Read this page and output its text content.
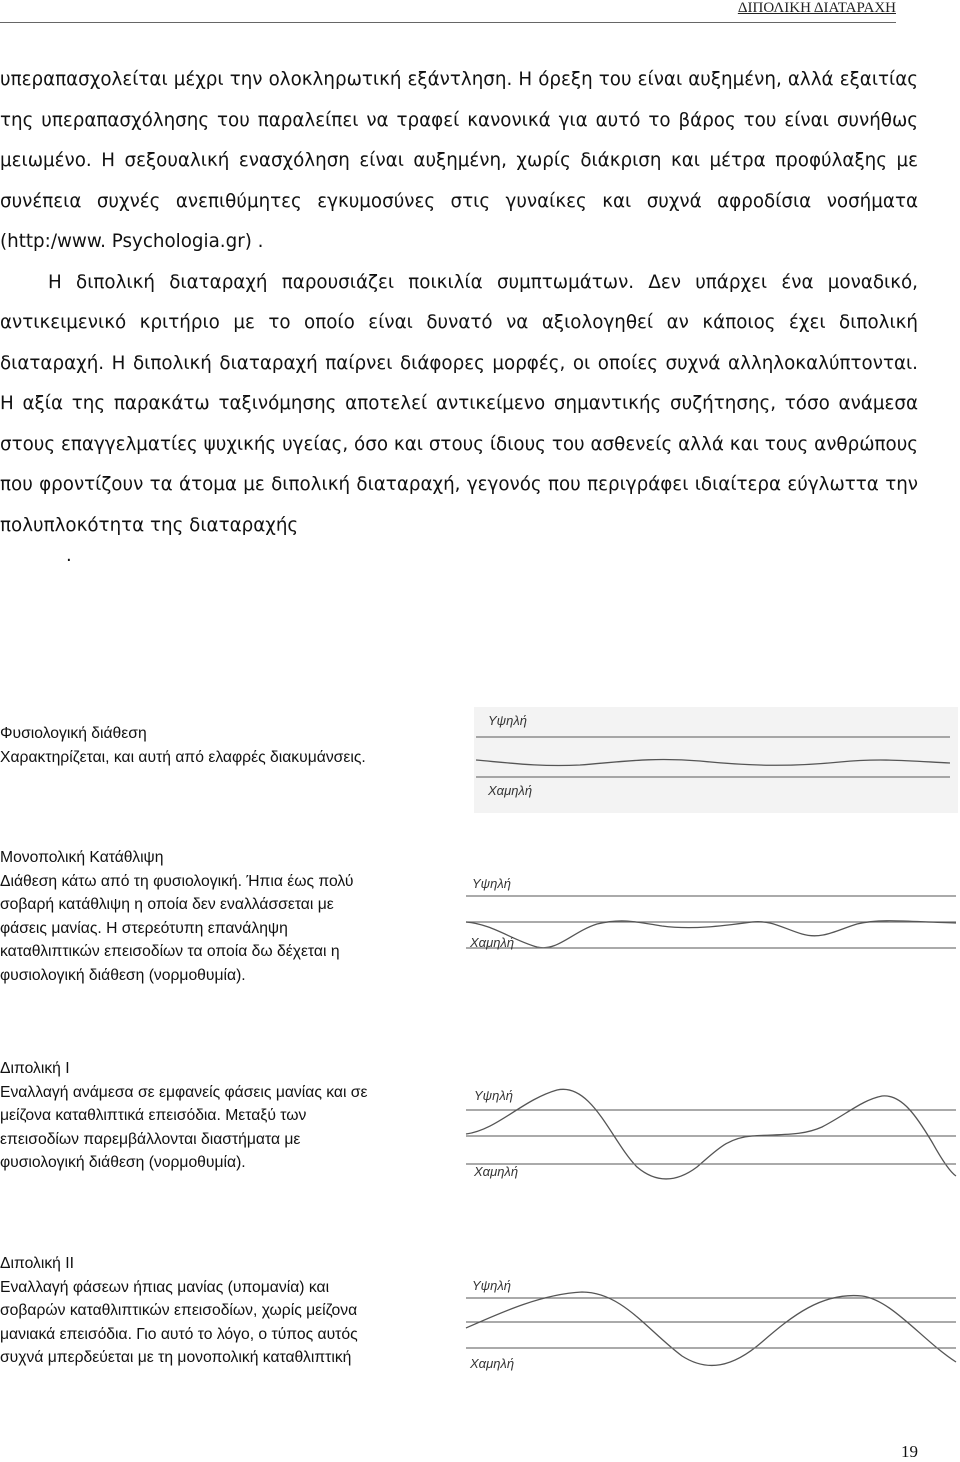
ΔΙΠΟΛΙΚΗ ΔΙΑΤΑΡΑΧΗ

υπεραπασχολείται μέχρι την ολοκληρωτική εξάντληση. Η όρεξη του είναι αυξημένη, αλλά εξαιτίας της υπεραπασχόλησης του παραλείπει να τραφεί κανονικά για αυτό το βάρος του είναι συνήθως μειωμένο. Η σεξουαλική ενασχόληση είναι αυξημένη, χωρίς διάκριση και μέτρα προφύλαξης με συνέπεια συχνές ανεπιθύμητες εγκυμοσύνες στις γυναίκες και συχνά αφροδίσια νοσήματα (http:/www. Psychologia.gr) .

Η διπολική διαταραχή παρουσιάζει ποικιλία συμπτωμάτων. Δεν υπάρχει ένα μοναδικό, αντικειμενικό κριτήριο με το οποίο είναι δυνατό να αξιολογηθεί αν κάποιος έχει διπολική διαταραχή. Η διπολική διαταραχή παίρνει διάφορες μορφές, οι οποίες συχνά αλληλοκαλύπτονται. Η αξία της παρακάτω ταξινόμησης αποτελεί αντικείμενο σημαντικής συζήτησης, τόσο ανάμεσα στους επαγγελματίες ψυχικής υγείας, όσο και στους ίδιους του ασθενείς αλλά και τους ανθρώπους που φροντίζουν τα άτομα με διπολική διαταραχή, γεγονός που περιγράφει ιδιαίτερα εύγλωττα την πολυπλοκότητα της διαταραχής

.
Φυσιολογική διάθεση
Χαρακτηρίζεται, και αυτή από ελαφρές διακυμάνσεις.
Υψηλή
Χαμηλή
Μονοπολική Κατάθλιψη
Διάθεση κάτω από τη φυσιολογική. Ήπια έως πολύ
σοβαρή κατάθλιψη η οποία δεν εναλλάσσεται με
φάσεις μανίας. Η στερεότυπη επανάληψη
καταθλιπτικών επεισοδίων τα οποία δω δέχεται η
φυσιολογική διάθεση (νορμοθυμία).
Υψηλή
Χαμηλή
Διπολική Ι
Εναλλαγή ανάμεσα σε εμφανείς φάσεις μανίας και σε
μείζονα καταθλιπτικά επεισόδια. Μεταξύ των
επεισοδίων παρεμβάλλονται διαστήματα με
φυσιολογική διάθεση (νορμοθυμία).
Υψηλή
Χαμηλή
Διπολική ΙΙ
Εναλλαγή φάσεων ήπιας μανίας (υπομανία) και
σοβαρών καταθλιπτικών επεισοδίων, χωρίς μείζονα
μανιακά επεισόδια. Γιο αυτό το λόγο, ο τύπος αυτός
συχνά μπερδεύεται με τη μονοπολική καταθλιπτική
Υψηλή
Χαμηλή
19
